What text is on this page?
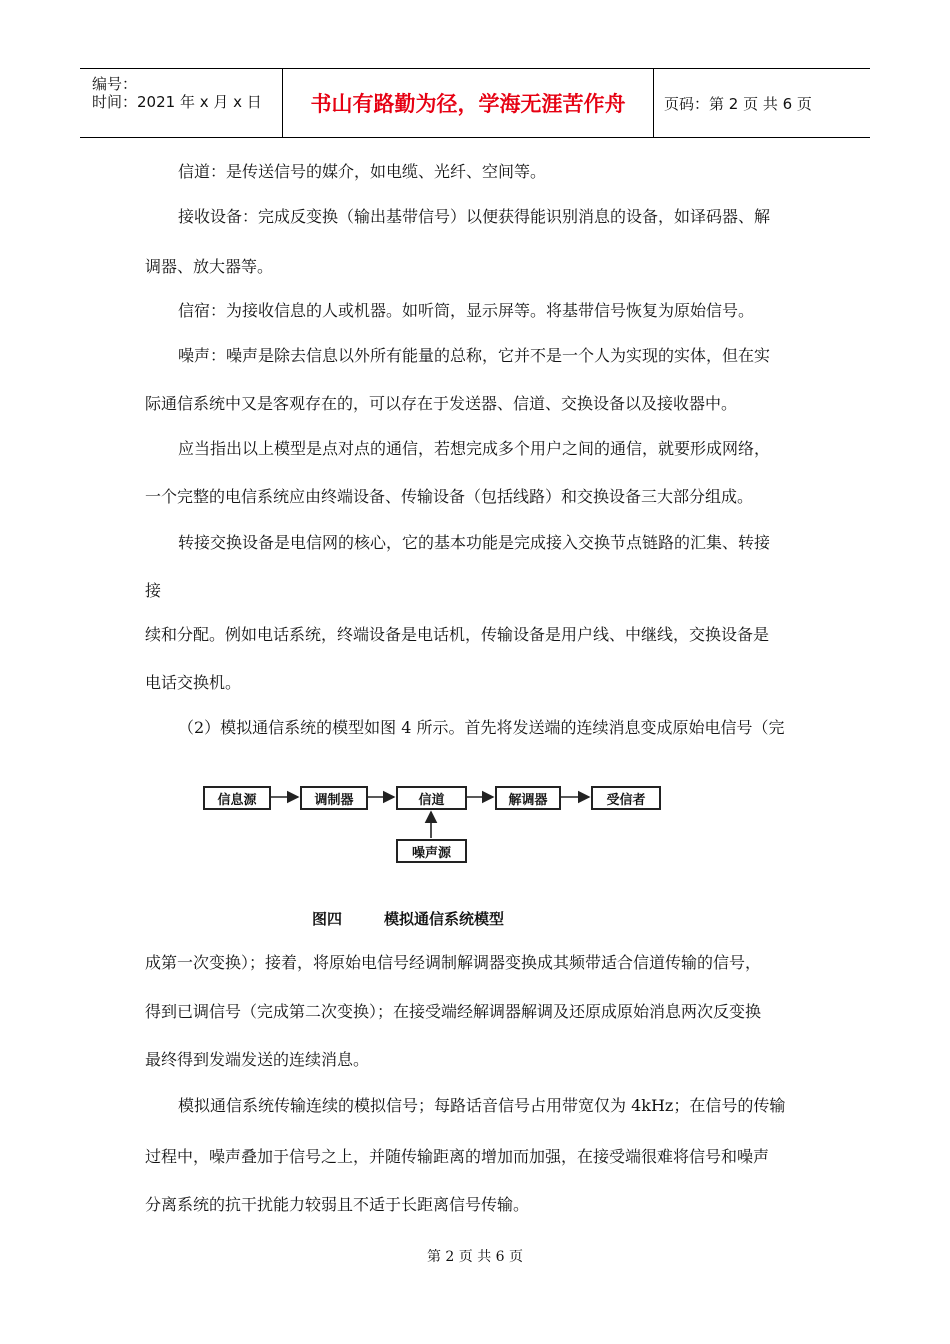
编号：
时间：2021 年 x 月 x 日 书山有路勤为径，学海无涯苦作舟	页码：第 2 页 共 6 页
信道：是传送信号的媒介，如电缆、光纤、空间等。
接收设备：完成反变换（输出基带信号）以便获得能识别消息的设备，如译码器、解
调器、放大器等。
信宿：为接收信息的人或机器。如听筒，显示屏等。将基带信号恢复为原始信号。
噪声：噪声是除去信息以外所有能量的总称，它并不是一个人为实现的实体，但在实
际通信系统中又是客观存在的，可以存在于发送器、信道、交换设备以及接收器中。
应当指出以上模型是点对点的通信，若想完成多个用户之间的通信，就要形成网络，
一个完整的电信系统应由终端设备、传输设备（包括线路）和交换设备三大部分组成。
转接交换设备是电信网的核心，它的基本功能是完成接入交换节点链路的汇集、转接
接
续和分配。例如电话系统，终端设备是电话机，传输设备是用户线、中继线，交换设备是
电话交换机。
（2）模拟通信系统的模型如图 4 所示。首先将发送端的连续消息变成原始电信号（完
信息源	调制器	信道	解调器	受信者
噪声源
图四	模拟通信系统模型
成第一次变换）；接着，将原始电信号经调制解调器变换成其频带适合信道传输的信号，
得到已调信号（完成第二次变换）；在接受端经解调器解调及还原成原始消息两次反变换
最终得到发端发送的连续消息。
模拟通信系统传输连续的模拟信号；每路话音信号占用带宽仅为 4kHz；在信号的传输
过程中，噪声叠加于信号之上，并随传输距离的增加而加强，在接受端很难将信号和噪声
分离系统的抗干扰能力较弱且不适于长距离信号传输。
第 2 页 共 6 页
